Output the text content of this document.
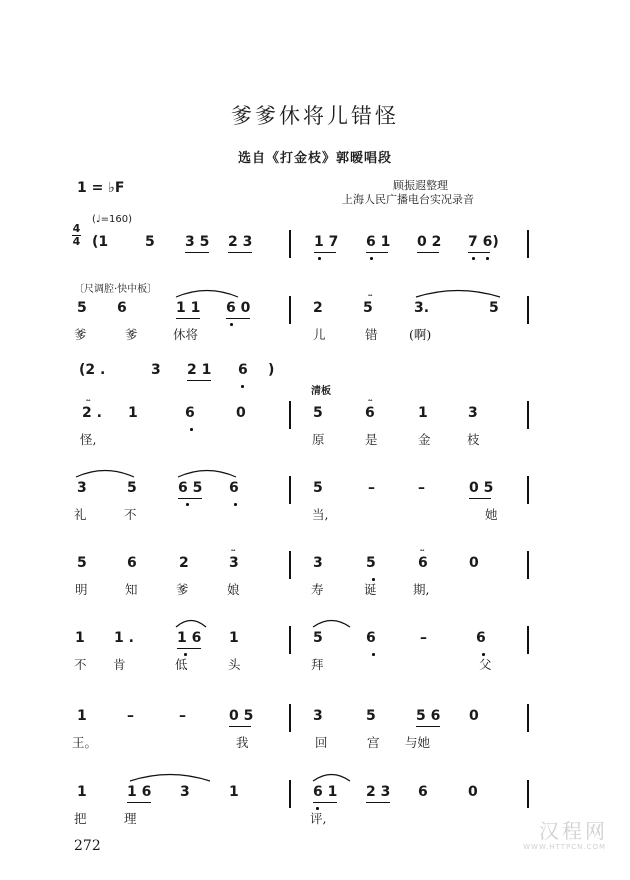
爹爹休将儿错怪
选自《打金枝》郭暧唱段
1 = ♭F	顾振遐整理
上海人民广播电台实况录音
(♩=160)
4
4
〔尺调腔·快中板〕
清板
(1	5 3 5 2 3	1 7 6 1 0 2 7 6)
5 6	1 1 6 0	2	5	3.	5
爹	爹	休将	儿	错	(啊)
(2 .	3 2 1 6 )
2 . 1	6	0	5	6	1	3
怪,	原	是	金	枝
3	5	6 5 6	5	–	–	0 5
礼	不	当,	她
5	6	2	3	3	5	6	0
明	知	爹	娘	寿	诞	期,
1 1 .	1 6 1	5	6	–	6
不 肯	低	头	拜	父
1	–	–	0 5	3	5	5 6 0
王。	我	回	宫 与她
1	1 6 3	1	6 1 2 3 6	0
把	理	评,
𝆗
𝆗	𝆗
𝆗	𝆗
272
汉程网
WWW.HTTPCN.COM
